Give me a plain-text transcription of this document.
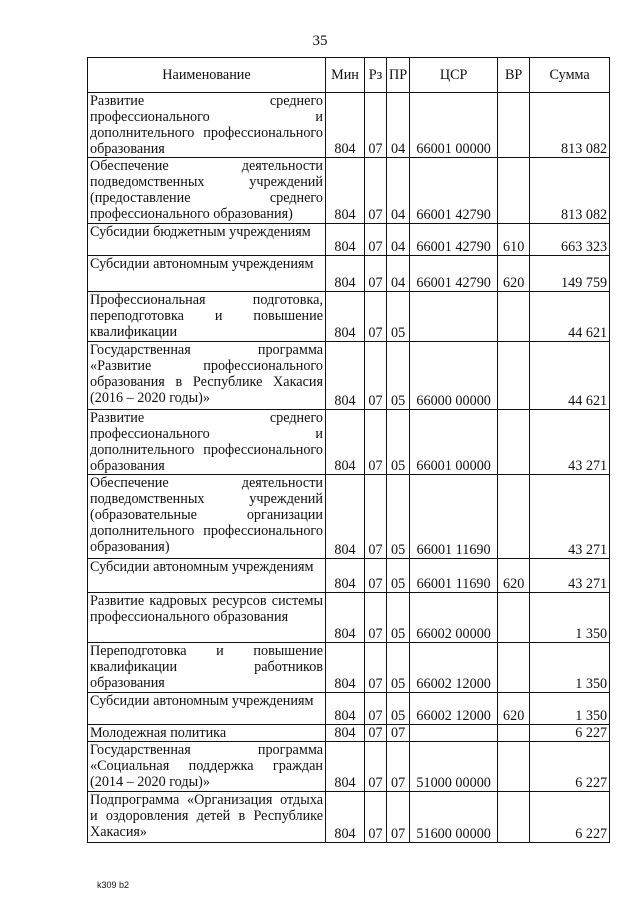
35
Наименование	Мин	Рз	ПР	ЦСР	ВР	Сумма
Развитие среднего профессионального и дополнительного профессионального образования	804	07	04	66001 00000		813 082
Обеспечение деятельности подведомственных учреждений (предоставление среднего профессионального образования)	804	07	04	66001 42790		813 082
Субсидии бюджетным учреждениям	804	07	04	66001 42790	610	663 323
Субсидии автономным учреждениям	804	07	04	66001 42790	620	149 759
Профессиональная подготовка, переподготовка и повышение квалификации	804	07	05			44 621
Государственная программа «Развитие профессионального образования в Республике Хакасия (2016 – 2020 годы)»	804	07	05	66000 00000		44 621
Развитие среднего профессионального и дополнительного профессионального образования	804	07	05	66001 00000		43 271
Обеспечение деятельности подведомственных учреждений (образовательные организации дополнительного профессионального образования)	804	07	05	66001 11690		43 271
Субсидии автономным учреждениям	804	07	05	66001 11690	620	43 271
Развитие кадровых ресурсов системы профессионального образования	804	07	05	66002 00000		1 350
Переподготовка и повышение квалификации работников образования	804	07	05	66002 12000		1 350
Субсидии автономным учреждениям	804	07	05	66002 12000	620	1 350
Молодежная политика	804	07	07			6 227
Государственная программа «Социальная поддержка граждан (2014 – 2020 годы)»	804	07	07	51000 00000		6 227
Подпрограмма «Организация отдыха и оздоровления детей в Республике Хакасия»	804	07	07	51600 00000		6 227
k309 b2
